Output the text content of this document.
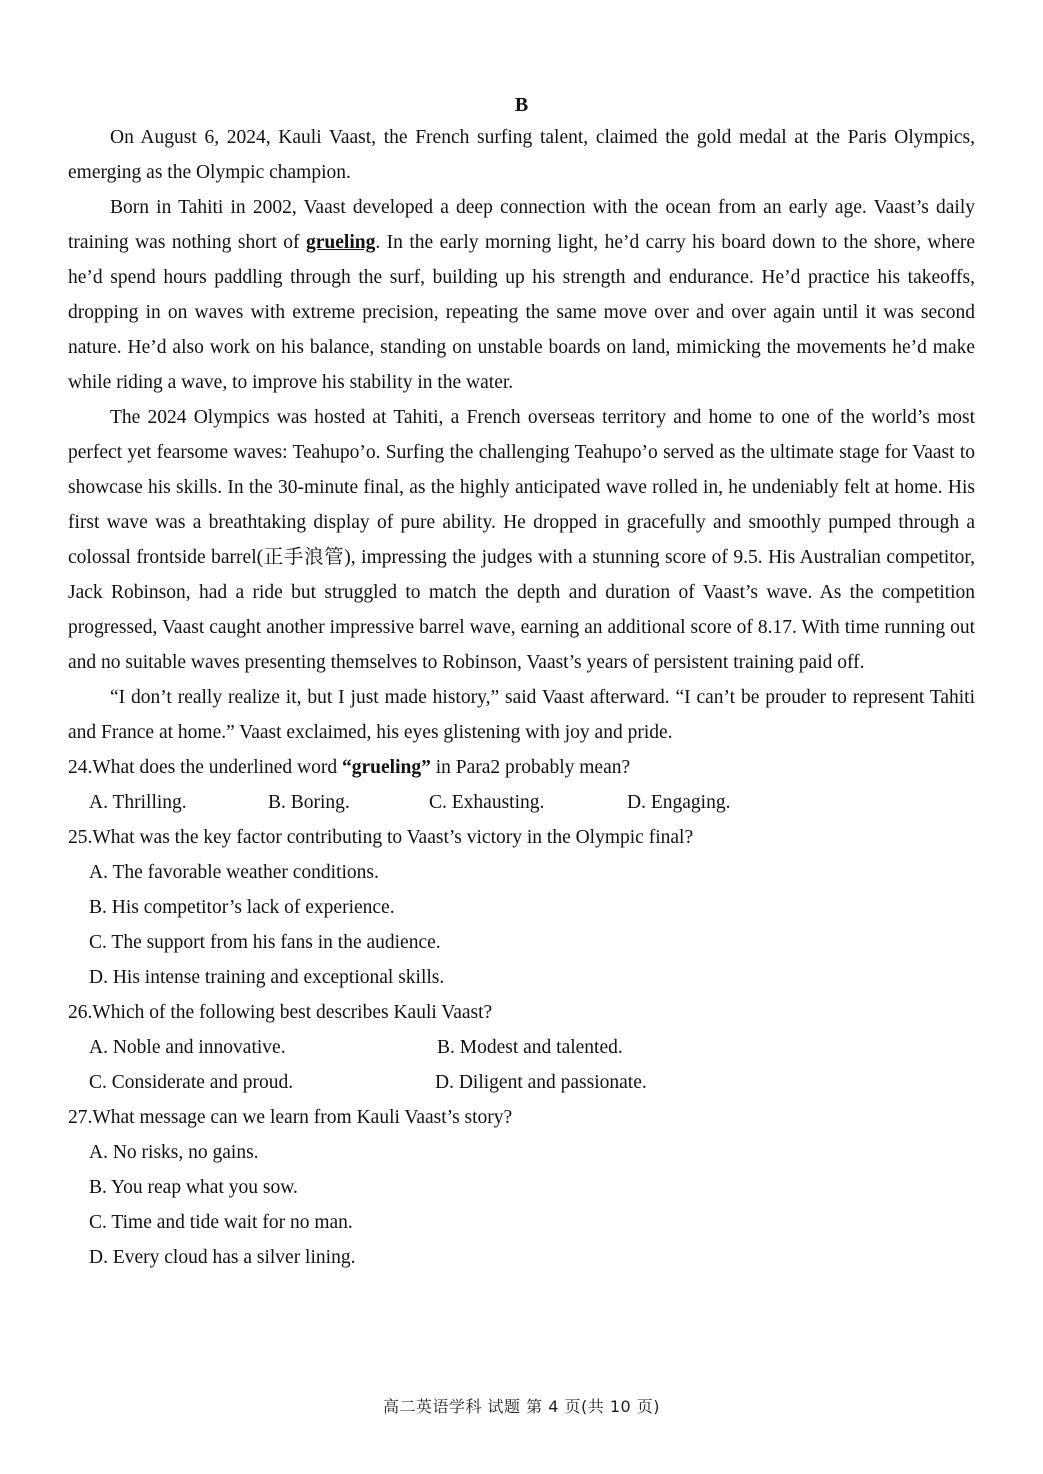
B

On August 6, 2024, Kauli Vaast, the French surfing talent, claimed the gold medal at the Paris Olympics, emerging as the Olympic champion.

Born in Tahiti in 2002, Vaast developed a deep connection with the ocean from an early age. Vaast’s daily training was nothing short of grueling. In the early morning light, he’d carry his board down to the shore, where he’d spend hours paddling through the surf, building up his strength and endurance. He’d practice his takeoffs, dropping in on waves with extreme precision, repeating the same move over and over again until it was second nature. He’d also work on his balance, standing on unstable boards on land, mimicking the movements he’d make while riding a wave, to improve his stability in the water.

The 2024 Olympics was hosted at Tahiti, a French overseas territory and home to one of the world’s most perfect yet fearsome waves: Teahupo’o. Surfing the challenging Teahupo’o served as the ultimate stage for Vaast to showcase his skills. In the 30-minute final, as the highly anticipated wave rolled in, he undeniably felt at home. His first wave was a breathtaking display of pure ability. He dropped in gracefully and smoothly pumped through a colossal frontside barrel(正手浪管), impressing the judges with a stunning score of 9.5. His Australian competitor, Jack Robinson, had a ride but struggled to match the depth and duration of Vaast’s wave. As the competition progressed, Vaast caught another impressive barrel wave, earning an additional score of 8.17. With time running out and no suitable waves presenting themselves to Robinson, Vaast’s years of persistent training paid off.

“I don’t really realize it, but I just made history,” said Vaast afterward. “I can’t be prouder to represent Tahiti and France at home.” Vaast exclaimed, his eyes glistening with joy and pride.

24.What does the underlined word “grueling” in Para2 probably mean?

A. Thrilling.	B. Boring.	C. Exhausting.	D. Engaging.

25.What was the key factor contributing to Vaast’s victory in the Olympic final?

A. The favorable weather conditions.

B. His competitor’s lack of experience.

C. The support from his fans in the audience.

D. His intense training and exceptional skills.

26.Which of the following best describes Kauli Vaast?

A. Noble and innovative.	B. Modest and talented.
C. Considerate and proud.	D. Diligent and passionate.

27.What message can we learn from Kauli Vaast’s story?

A. No risks, no gains.

B. You reap what you sow.

C. Time and tide wait for no man.

D. Every cloud has a silver lining.

高二英语学科 试题 第 4 页(共 10 页)
